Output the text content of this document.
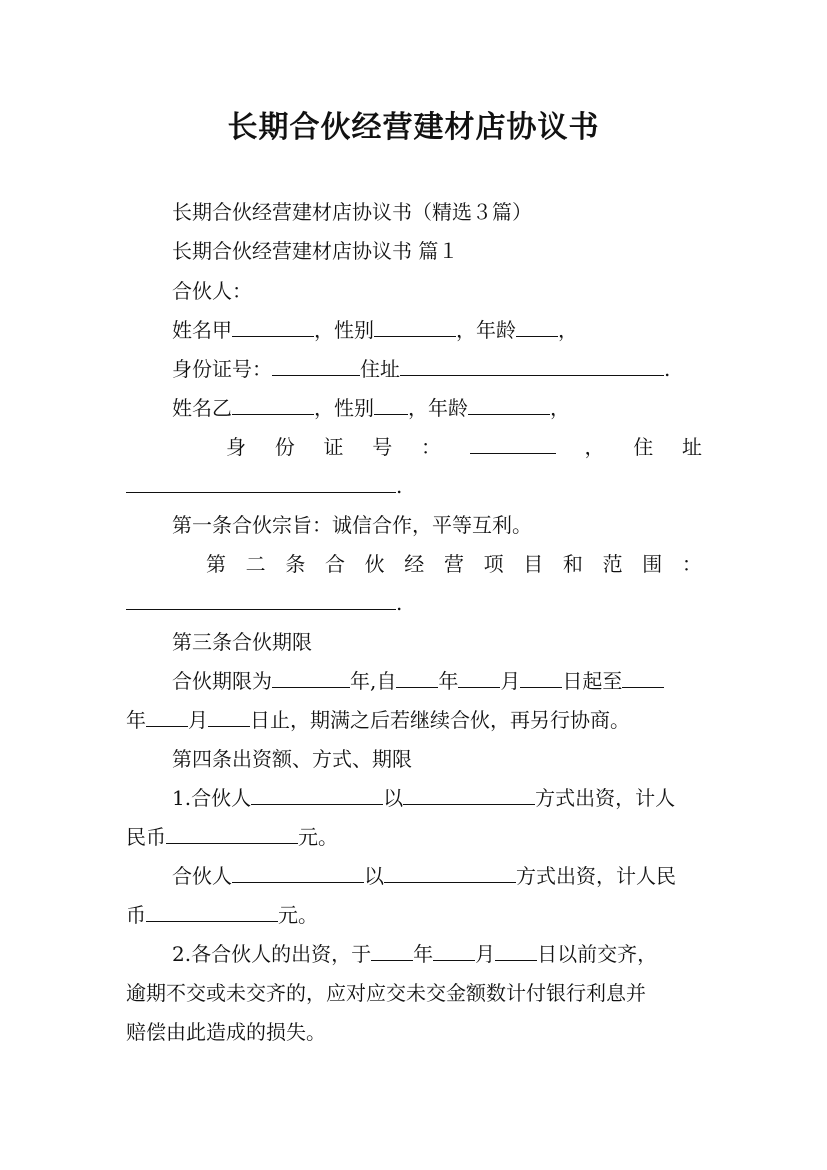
长期合伙经营建材店协议书
长期合伙经营建材店协议书（精选３篇）
长期合伙经营建材店协议书 篇１
合伙人：
姓名甲	，性别	，年龄 ，
身份证号：	住址	.
姓名乙	，性别 ，年龄	，
身 份 证 号 ：	， 住 址
.
第一条合伙宗旨：诚信合作，平等互利。
第 二 条 合 伙 经 营 项 目 和 范 围 ：
.
第三条合伙期限
合伙期限为	年,自 年 月 日起至
年 月 日止，期满之后若继续合伙，再另行协商。
第四条出资额、方式、期限
1.合伙人	以	方式出资，计人
民币	元。
合伙人	以	方式出资，计人民
币	元。
2.各合伙人的出资，于 年 月 日以前交齐，
逾期不交或未交齐的，应对应交未交金额数计付银行利息并
赔偿由此造成的损失。
